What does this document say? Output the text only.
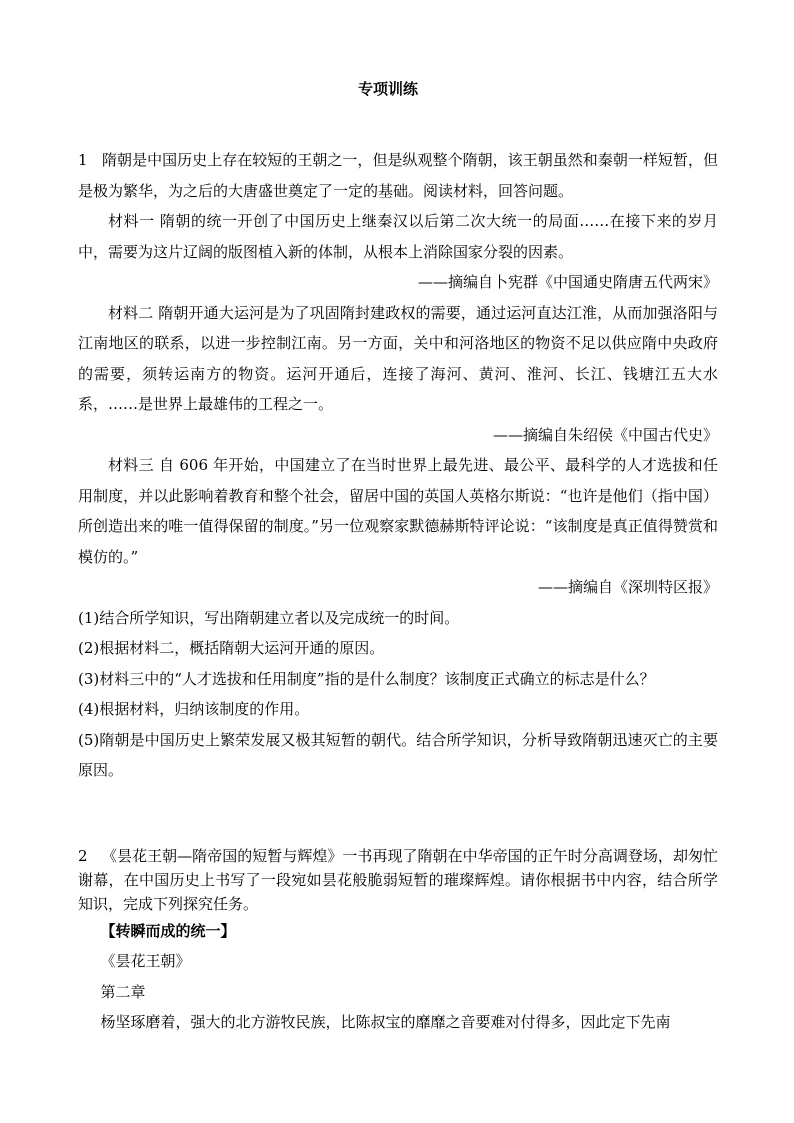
专项训练

1 隋朝是中国历史上存在较短的王朝之一，但是纵观整个隋朝，该王朝虽然和秦朝一样短暂，但是极为繁华，为之后的大唐盛世奠定了一定的基础。阅读材料，回答问题。

材料一 隋朝的统一开创了中国历史上继秦汉以后第二次大统一的局面……在接下来的岁月中，需要为这片辽阔的版图植入新的体制，从根本上消除国家分裂的因素。

——摘编自卜宪群《中国通史隋唐五代两宋》

材料二 隋朝开通大运河是为了巩固隋封建政权的需要，通过运河直达江淮，从而加强洛阳与江南地区的联系，以进一步控制江南。另一方面，关中和河洛地区的物资不足以供应隋中央政府的需要，须转运南方的物资。运河开通后，连接了海河、黄河、淮河、长江、钱塘江五大水系，……是世界上最雄伟的工程之一。

——摘编自朱绍侯《中国古代史》

材料三 自 606 年开始，中国建立了在当时世界上最先进、最公平、最科学的人才选拔和任用制度，并以此影响着教育和整个社会，留居中国的英国人英格尔斯说：“也许是他们（指中国）所创造出来的唯一值得保留的制度。”另一位观察家默德赫斯特评论说：“该制度是真正值得赞赏和模仿的。”

——摘编自《深圳特区报》

(1)结合所学知识，写出隋朝建立者以及完成统一的时间。

(2)根据材料二，概括隋朝大运河开通的原因。

(3)材料三中的“人才选拔和任用制度”指的是什么制度？该制度正式确立的标志是什么？

(4)根据材料，归纳该制度的作用。

(5)隋朝是中国历史上繁荣发展又极其短暂的朝代。结合所学知识，分析导致隋朝迅速灭亡的主要原因。

2 《昙花王朝—隋帝国的短暂与辉煌》一书再现了隋朝在中华帝国的正午时分高调登场，却匆忙谢幕，在中国历史上书写了一段宛如昙花般脆弱短暂的璀璨辉煌。请你根据书中内容，结合所学知识，完成下列探究任务。

【转瞬而成的统一】

《昙花王朝》

第二章

杨坚琢磨着，强大的北方游牧民族，比陈叔宝的靡靡之音要难对付得多，因此定下先南
